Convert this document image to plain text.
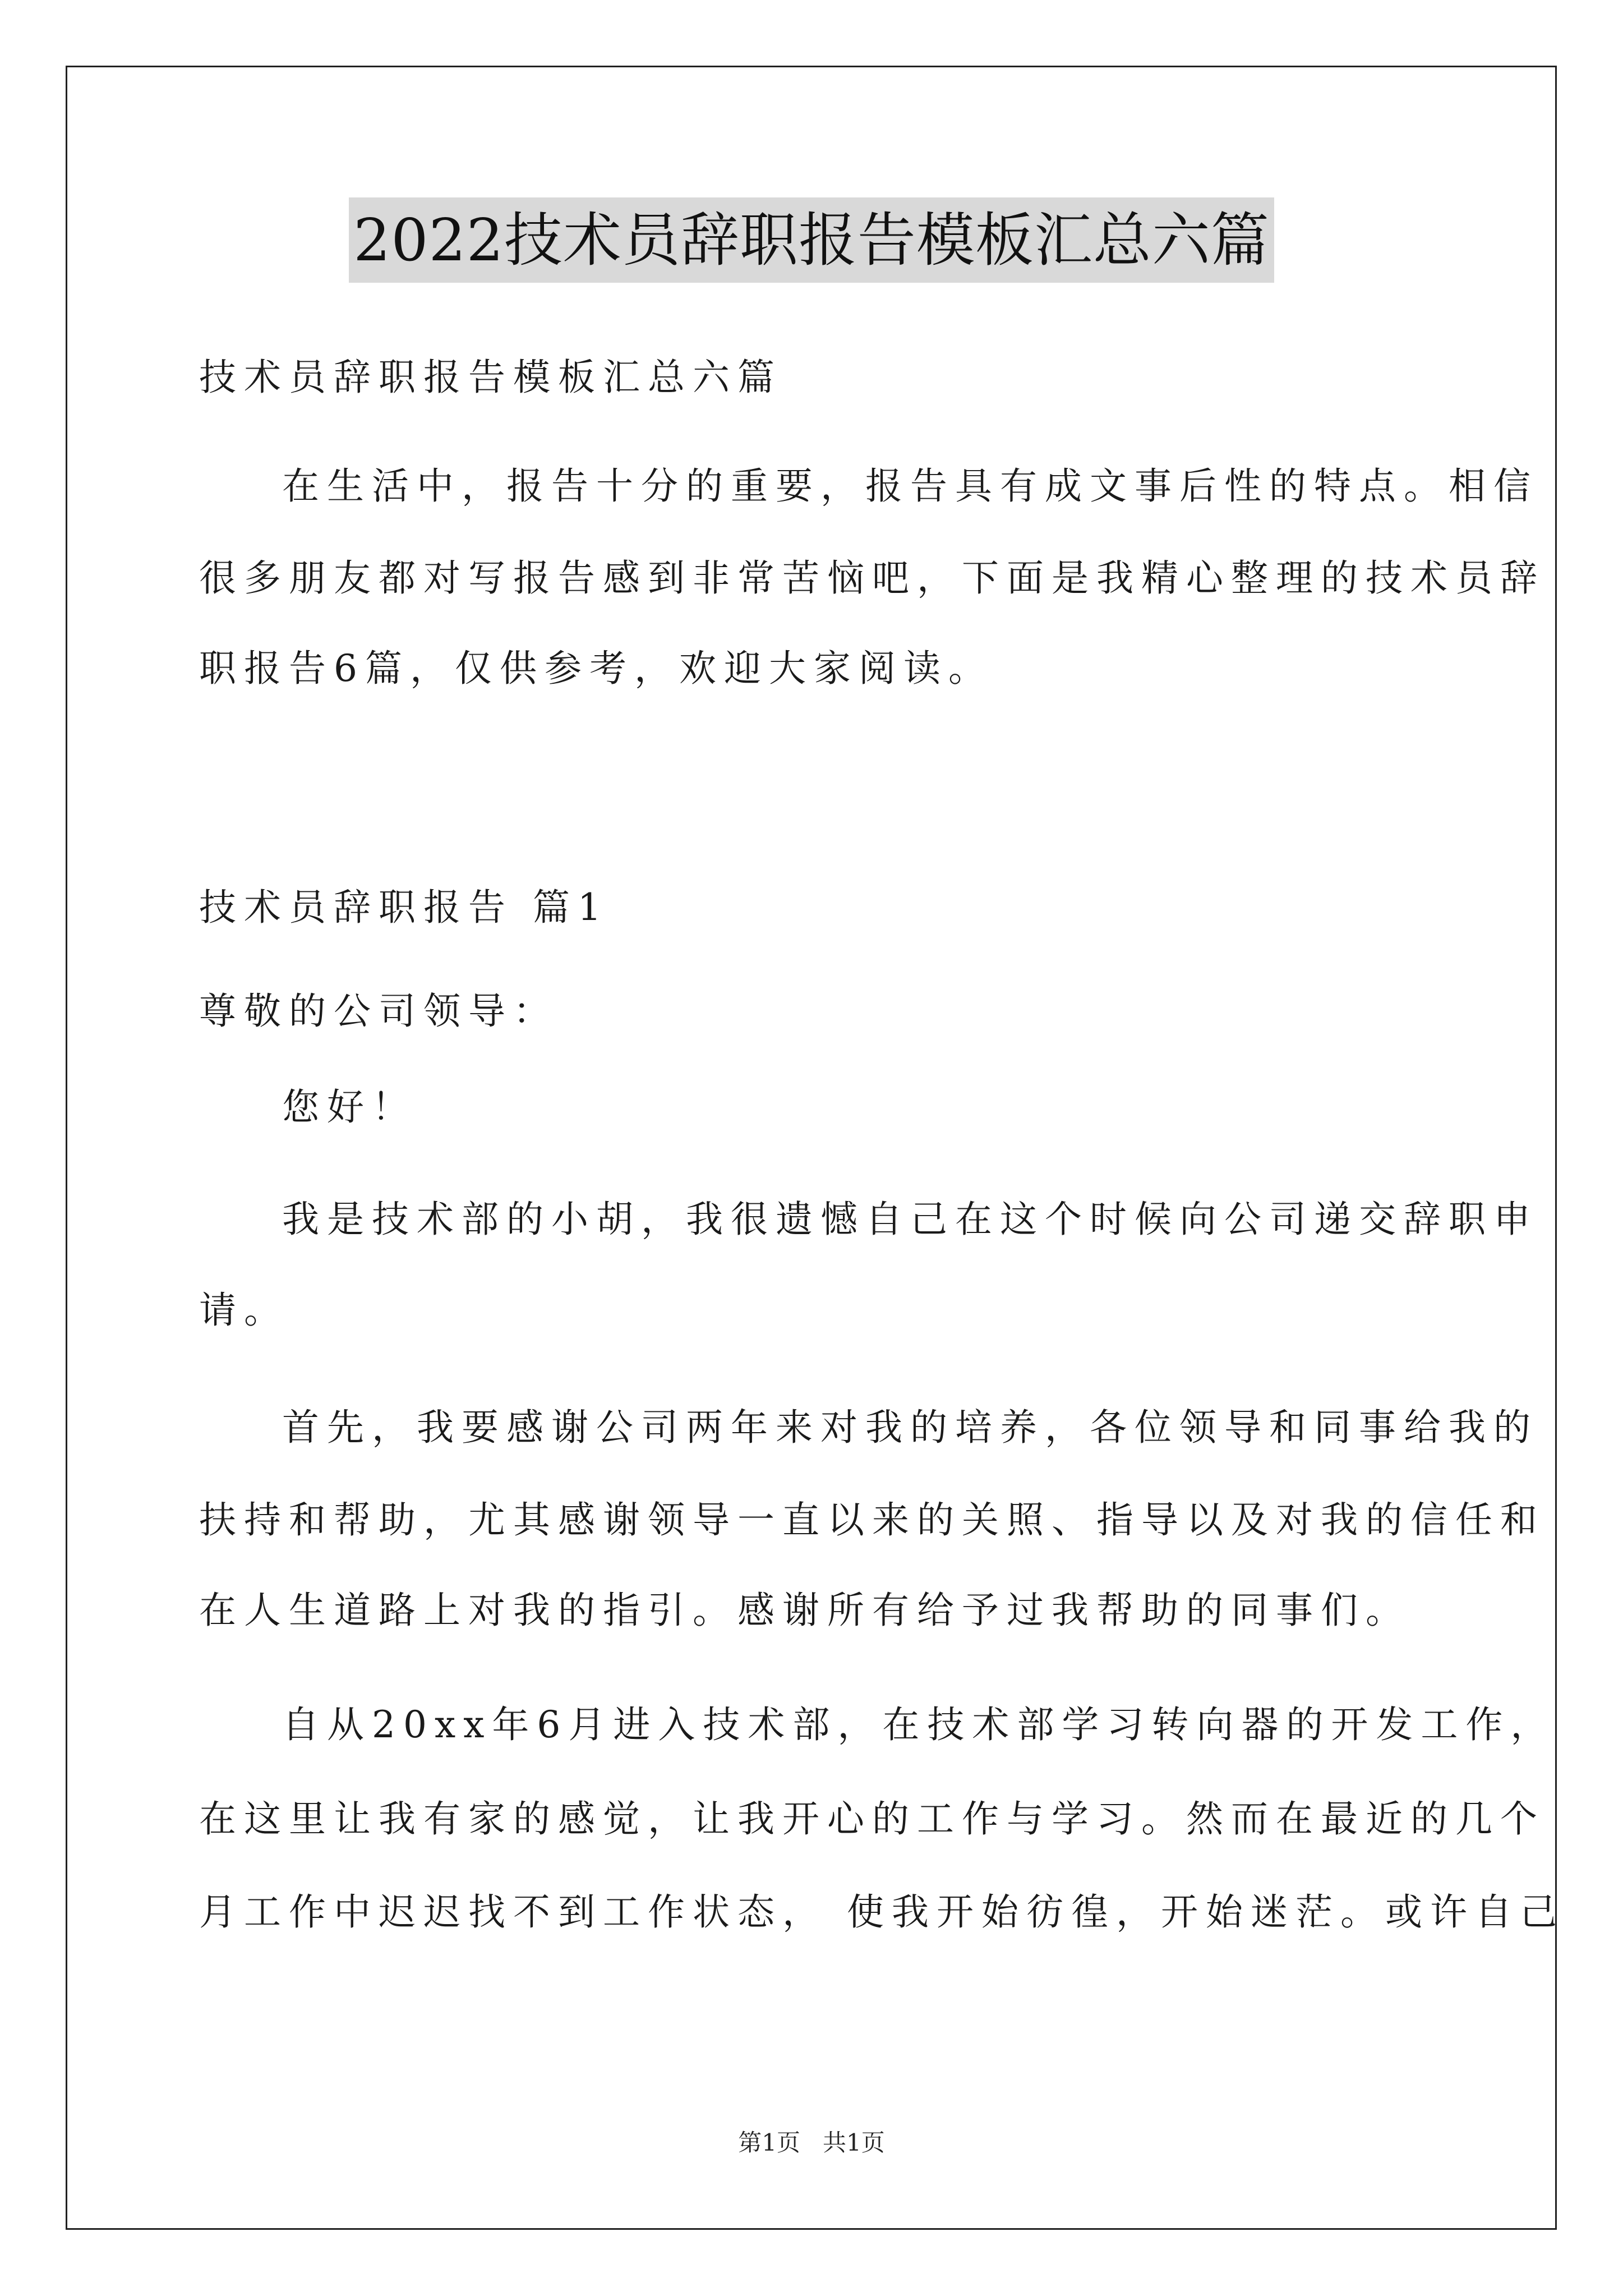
2022技术员辞职报告模板汇总六篇
技术员辞职报告模板汇总六篇
在生活中，报告十分的重要，报告具有成文事后性的特点。相信
很多朋友都对写报告感到非常苦恼吧，下面是我精心整理的技术员辞
职报告6篇，仅供参考，欢迎大家阅读。
技术员辞职报告 篇1
尊敬的公司领导：
您好！
我是技术部的小胡，我很遗憾自己在这个时候向公司递交辞职申
请。
首先，我要感谢公司两年来对我的培养，各位领导和同事给我的
扶持和帮助，尤其感谢领导一直以来的关照、指导以及对我的信任和
在人生道路上对我的指引。感谢所有给予过我帮助的同事们。
自从20xx年6月进入技术部，在技术部学习转向器的开发工作，
在这里让我有家的感觉，让我开心的工作与学习。然而在最近的几个
月工作中迟迟找不到工作状态， 使我开始彷徨，开始迷茫。或许自己
第1页   共1页
